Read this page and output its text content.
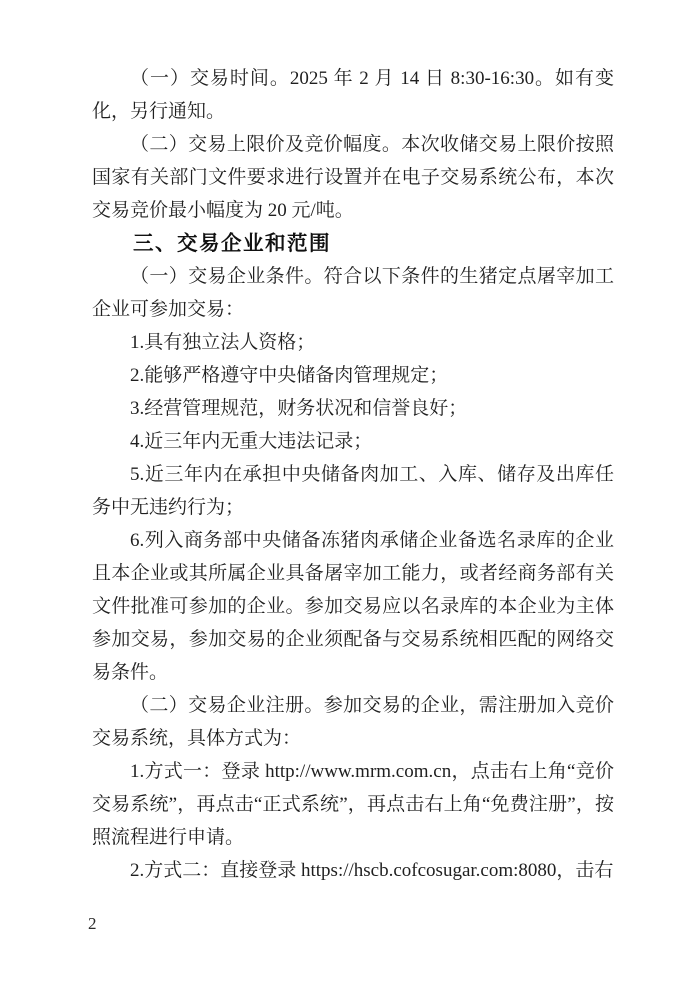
（一）交易时间。2025 年 2 月 14 日 8:30-16:30。如有变化，另行通知。

（二）交易上限价及竞价幅度。本次收储交易上限价按照国家有关部门文件要求进行设置并在电子交易系统公布，本次交易竞价最小幅度为 20 元/吨。

三、交易企业和范围

（一）交易企业条件。符合以下条件的生猪定点屠宰加工企业可参加交易：

1.具有独立法人资格；

2.能够严格遵守中央储备肉管理规定；

3.经营管理规范，财务状况和信誉良好；

4.近三年内无重大违法记录；

5.近三年内在承担中央储备肉加工、入库、储存及出库任务中无违约行为；

6.列入商务部中央储备冻猪肉承储企业备选名录库的企业且本企业或其所属企业具备屠宰加工能力，或者经商务部有关文件批准可参加的企业。参加交易应以名录库的本企业为主体参加交易，参加交易的企业须配备与交易系统相匹配的网络交易条件。

（二）交易企业注册。参加交易的企业，需注册加入竞价交易系统，具体方式为：

1.方式一：登录 http://www.mrm.com.cn，点击右上角“竞价交易系统”，再点击“正式系统”，再点击右上角“免费注册”，按照流程进行申请。

2.方式二：直接登录 https://hscb.cofcosugar.com:8080，击右

2
